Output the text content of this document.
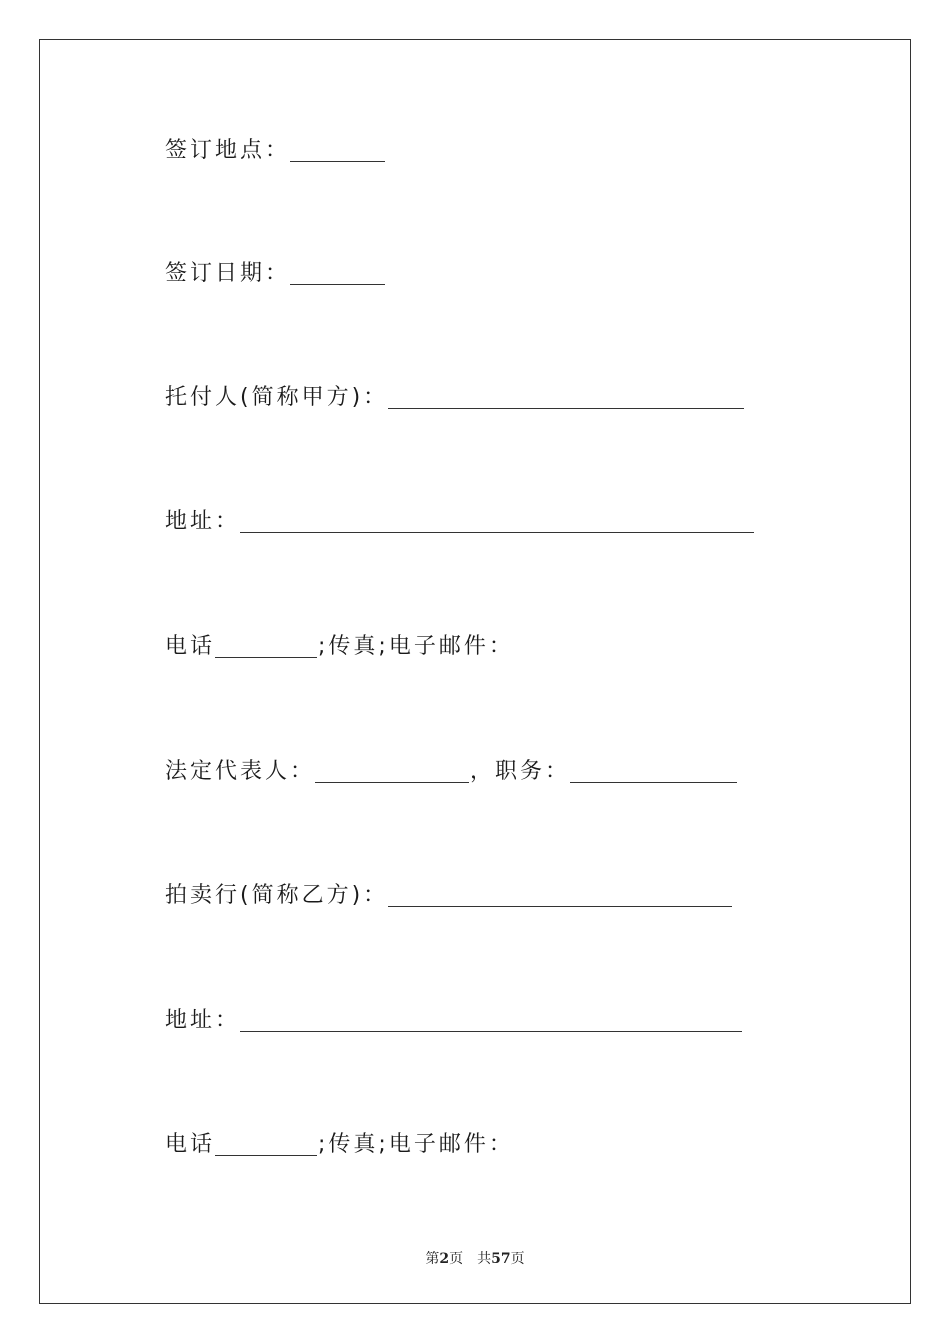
签订地点：
签订日期：
托付人(简称甲方)：
地址：
电话	;传真;电子邮件：
法定代表人：	，职务：
拍卖行(简称乙方)：
地址：
电话	;传真;电子邮件：
第2页 共57页
